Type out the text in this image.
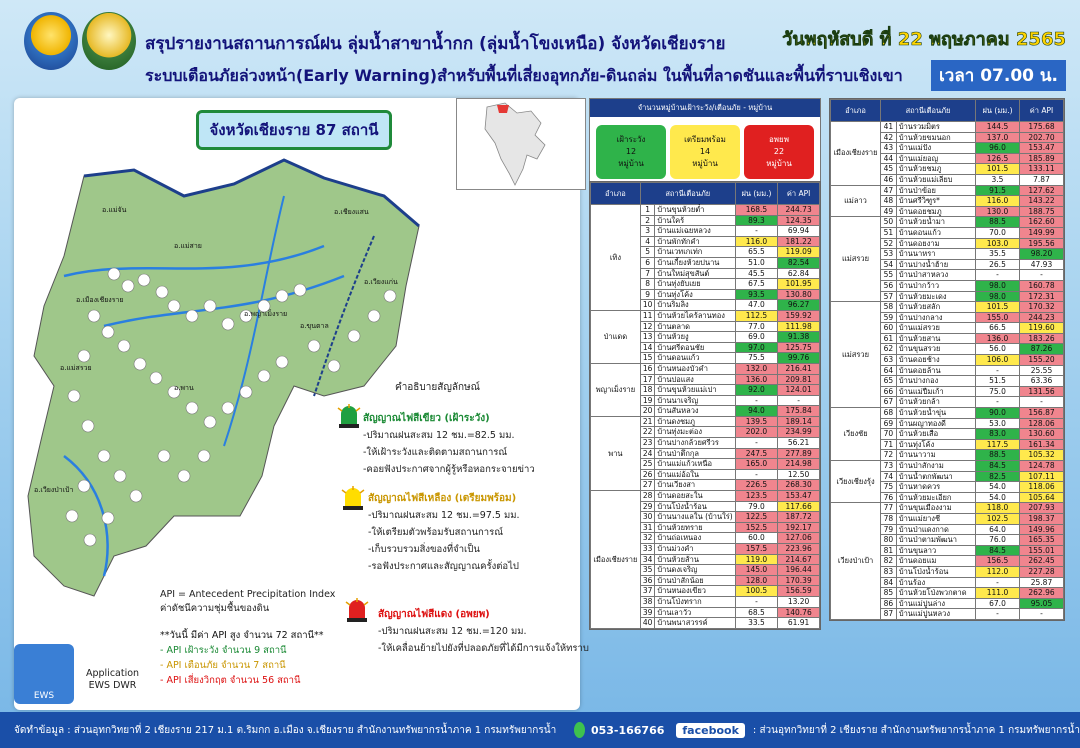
สรุปรายงานสถานการณ์ฝน ลุ่มน้ำสาขาน้ำกก (ลุ่มน้ำโขงเหนือ) จังหวัดเชียงราย
ระบบเตือนภัยล่วงหน้า(Early Warning)สำหรับพื้นที่เสี่ยงอุทกภัย-ดินถล่ม ในพื้นที่ลาดชันและพื้นที่ราบเชิงเขา
วันพฤหัสบดี ที่ 22 พฤษภาคม 2565
เวลา 07.00 น.
จังหวัดเชียงราย 87 สถานี
อ.แม่จัน	อ.เชียงแสน
อ.แม่สาย
อ.เวียงแก่น
อ.เมืองเชียงราย
อ.พญาเม็งราย
อ.ขุนตาล
อ.แม่สรวย
อ.พาน
อ.เวียงป่าเป้า
คำอธิบายสัญลักษณ์
สัญญาณไฟสีเขียว (เฝ้าระวัง)
-ปริมาณฝนสะสม 12 ชม.=82.5 มม.
-ให้เฝ้าระวังและติดตามสถานการณ์
-คอยฟังประกาศจากผู้รู้หรือหอกระจายข่าว
สัญญาณไฟสีเหลือง (เตรียมพร้อม)
-ปริมาณฝนสะสม 12 ชม.=97.5 มม.
-ให้เตรียมตัวพร้อมรับสถานการณ์
-เก็บรวบรวมสิ่งของที่จำเป็น
-รอฟังประกาศและสัญญาณครั้งต่อไป
สัญญาณไฟสีแดง (อพยพ)
-ปริมาณฝนสะสม 12 ชม.=120 มม.
-ให้เคลื่อนย้ายไปยังที่ปลอดภัยที่ได้มีการแจ้งให้ทราบ
API = Antecedent Precipitation Index
ค่าดัชนีความชุ่มชื้นของดิน
**วันนี้ มีค่า API สูง จำนวน 72 สถานี**
- API เฝ้าระวัง จำนวน 9 สถานี
- API เตือนภัย จำนวน 7 สถานี
- API เสี่ยงวิกฤต จำนวน 56 สถานี
EWS
Application
EWS DWR
จำนวนหมู่บ้านเฝ้าระวัง/เตือนภัย - หมู่บ้าน
เฝ้าระวัง
12
หมู่บ้าน
เตรียมพร้อม
14
หมู่บ้าน
อพยพ
22
หมู่บ้าน
อำเภอ	สถานีเตือนภัย		ฝน (มม.)	ค่า API
เทิง	1	บ้านขุนห้วยต๋ำ	168.5	244.73
	2	บ้านใคร้	89.3	124.35
	3	บ้านแม่เฉยหลวง	-	69.94
	4	บ้านพักทักคำ	116.0	181.22
	5	บ้านเวทเกเท่ก	65.5	119.09
	6	บ้านเกี้ยงห้วยปนาน	51.0	82.54
	7	บ้านใหม่สุขสันต์	45.5	62.84
	8	บ้านทุ่งยับเยย	67.5	101.95
	9	บ้านทุ่งโค้ง	93.5	130.80
	10	บ้านริมลิง	47.0	96.27
ป่าแดด	11	บ้านห้วยไคร้ลานทอง	112.5	159.92
	12	บ้านตลาด	77.0	111.98
	13	บ้านห้วยงู	69.0	91.38
	14	บ้านศรีดอนชัย	97.0	125.75
	15	บ้านดอนแก้ว	75.5	99.76
พญาเม็งราย	16	บ้านหนองบัวคำ	132.0	216.41
	17	บ้านปอแสง	136.0	209.81
	18	บ้านขุนห้วยแม่เปา	92.0	124.01
	19	บ้านนาเจริญ	-	-
	20	บ้านสันหลวง	94.0	175.84
พาน	21	บ้านดงชมภู	139.5	189.14
	22	บ้านทุ่งมะต่อง	202.0	234.99
	23	บ้านปางกล้วยศรีวร	-	56.21
	24	บ้านป่าตึกกุล	247.5	277.89
	25	บ้านแม่แก้วเหนือ	165.0	214.98
	26	บ้านแม่อ้อใน	-	12.50
	27	บ้านเวียงสา	226.5	268.30
เมืองเชียงราย	28	บ้านดอยสะใน	123.5	153.47
	29	บ้านโป่งน้ำร้อน	79.0	117.66
	30	บ้านนางแลใน (บ้านใร่)	122.5	187.72
	31	บ้านห้วยทราย	152.5	192.17
	32	บ้านถ่อเหนอง	60.0	127.06
	33	บ้านม่วงคำ	157.5	223.96
	34	บ้านห้วยส้าน	119.0	214.67
	35	บ้านดงเจริญ	145.0	196.44
	36	บ้านป่าสักน้อย	128.0	170.39
	37	บ้านหนองเขียว	100.5	156.59
	38	บ้านโป่งทราก	-	13.20
	39	บ้านเลาวัว	68.5	140.76
	40	บ้านพนาสวรรค์	33.5	61.91
อำเภอ	สถานีเตือนภัย		ฝน (มม.)	ค่า API
เมืองเชียงราย	41	บ้านรวมมิตร	144.5	175.68
	42	บ้านห้วยขมนอก	137.0	202.70
	43	บ้านแม่ปัง	96.0	153.47
	44	บ้านแม่ยอญ	126.5	185.89
	45	บ้านห้วยชมภู	101.5	133.11
	46	บ้านห้วยแม่เลียบ	3.5	7.87
แม่ลาว	47	บ้านป่าข้อย	91.5	127.62
	48	บ้านศรีวิฑูร*	116.0	143.22
	49	บ้านดอยชมภู	130.0	188.75
แม่สรวย	50	บ้านห้วยน้ำมา	88.5	162.60
	51	บ้านดอนแก้ว	70.0	149.99
	52	บ้านดอยงาม	103.0	195.56
	53	บ้านนาหรา	35.5	98.20
	54	บ้านปางน้ำฮ้าย	26.5	47.93
	55	บ้านป่าสาหลวง	-	-
	56	บ้านป่ากว้าว	98.0	160.78
	57	บ้านห้วยมะเดง	98.0	172.31
แม่สรวย	58	บ้านห้วยสลัก	101.5	170.32
	59	บ้านปางกลาง	155.0	244.23
	60	บ้านแม่สรวย	66.5	119.60
	61	บ้านห้วยสาน	136.0	183.26
	62	บ้านขุนสรวย	56.0	87.26
	63	บ้านดอยช้าง	106.0	155.20
	64	บ้านดอยล้าน	-	25.55
	65	บ้านปางกอง	51.5	63.36
	66	บ้านแม่ปืมเก้า	75.0	131.56
	67	บ้านห้วยกล้า	-	-
เวียงชัย	68	บ้านห้วยน้ำขุ่น	90.0	156.87
	69	บ้านผญาทองดี	53.0	128.06
	70	บ้านห้วยเสือ	83.0	130.60
	71	บ้านทุ่งโค้ง	117.5	161.34
	72	บ้านนาวาม	88.5	105.32
เวียงเชียงรุ้ง	73	บ้านป่าสักงาม	84.5	124.78
	74	บ้านน้ำตกพัฒนา	82.5	107.11
	75	บ้านหาดควร	54.0	118.06
	76	บ้านห้วยมะเอียก	54.0	105.64
เวียงป่าเป้า	77	บ้านขุนเมืองงาม	118.0	207.93
	78	บ้านแม่ยางชี	102.5	198.37
	79	บ้านป่าแดงกาด	64.0	149.96
	80	บ้านป่าตามพัฒนา	76.0	165.35
	81	บ้านขุนลาว	84.5	155.01
	82	บ้านดอยแม	156.5	262.45
	83	บ้านโป่งน้ำร้อน	112.0	227.28
	84	บ้านร้อง	-	25.87
	85	บ้านห้วยโป่งพวกตาด	111.0	262.96
	86	บ้านแม่ปูนล่าง	67.0	95.05
	87	บ้านแม่ปูนหลวง	-	-
จัดทำข้อมูล : ส่วนอุทกวิทยาที่ 2 เชียงราย 217 ม.1 ต.ริมกก อ.เมือง จ.เชียงราย สำนักงานทรัพยากรน้ำภาค 1 กรมทรัพยากรน้ำ	053-166766	facebook	: ส่วนอุทกวิทยาที่ 2 เชียงราย สำนักงานทรัพยากรน้ำภาค 1 กรมทรัพยากรน้ำ
